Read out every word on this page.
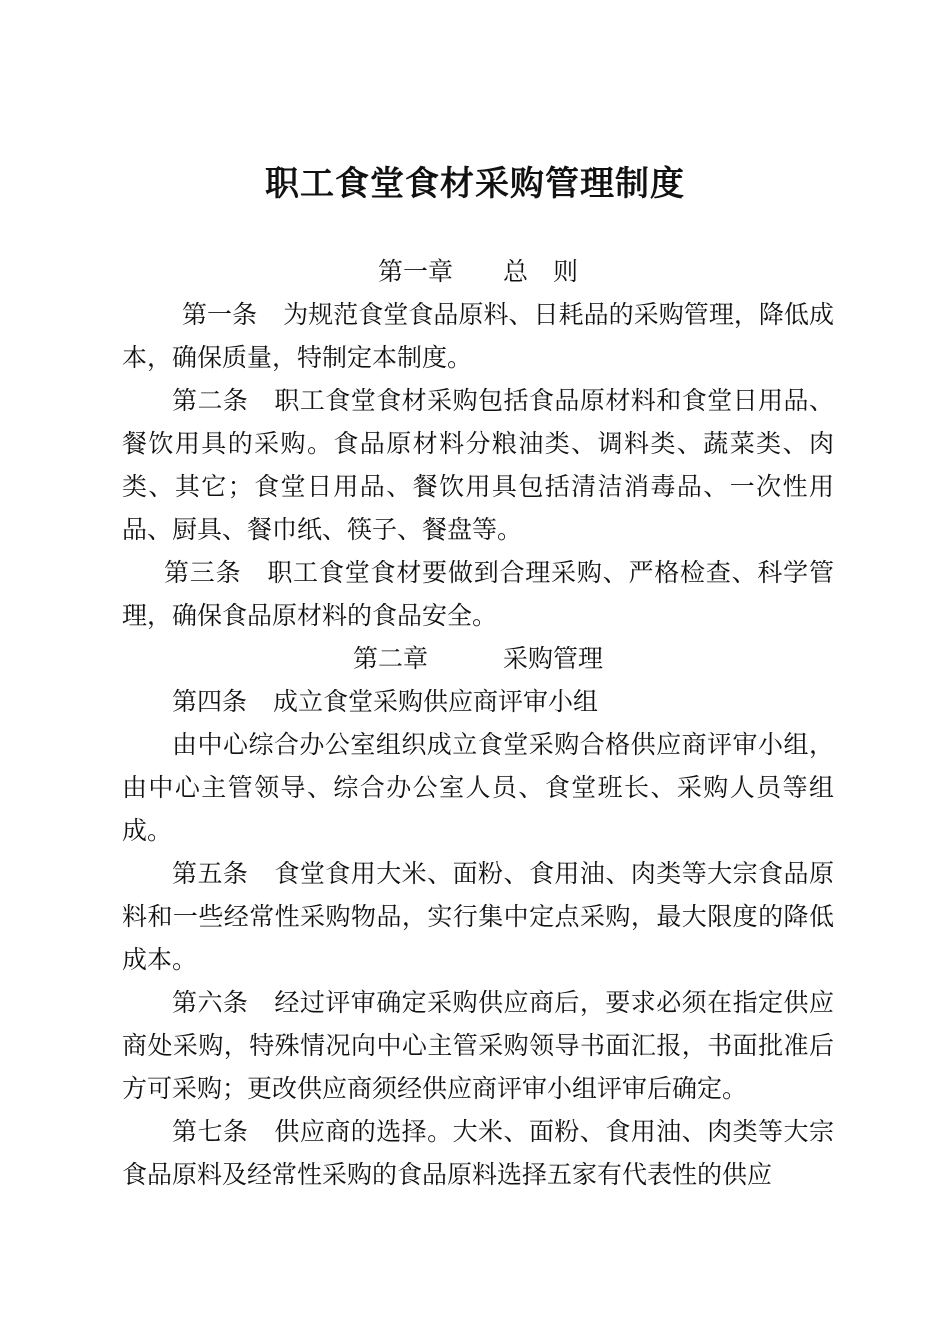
职工食堂食材采购管理制度

第一章　　 总　则

第一条 为规范食堂食品原料、日耗品的采购管理，降低成本，确保质量，特制定本制度。

第二条 职工食堂食材采购包括食品原材料和食堂日用品、餐饮用具的采购。食品原材料分粮油类、调料类、蔬菜类、肉类、其它；食堂日用品、餐饮用具包括清洁消毒品、一次性用品、厨具、餐巾纸、筷子、餐盘等。

第三条 职工食堂食材要做到合理采购、严格检查、科学管理，确保食品原材料的食品安全。

第二章　　　	采购管理

第四条 成立食堂采购供应商评审小组

由中心综合办公室组织成立食堂采购合格供应商评审小组，由中心主管领导、综合办公室人员、食堂班长、采购人员等组成。

第五条 食堂食用大米、面粉、食用油、肉类等大宗食品原料和一些经常性采购物品，实行集中定点采购，最大限度的降低成本。

第六条 经过评审确定采购供应商后，要求必须在指定供应商处采购，特殊情况向中心主管采购领导书面汇报，书面批准后方可采购；更改供应商须经供应商评审小组评审后确定。

第七条 供应商的选择。大米、面粉、食用油、肉类等大宗食品原料及经常性采购的食品原料选择五家有代表性的供应
